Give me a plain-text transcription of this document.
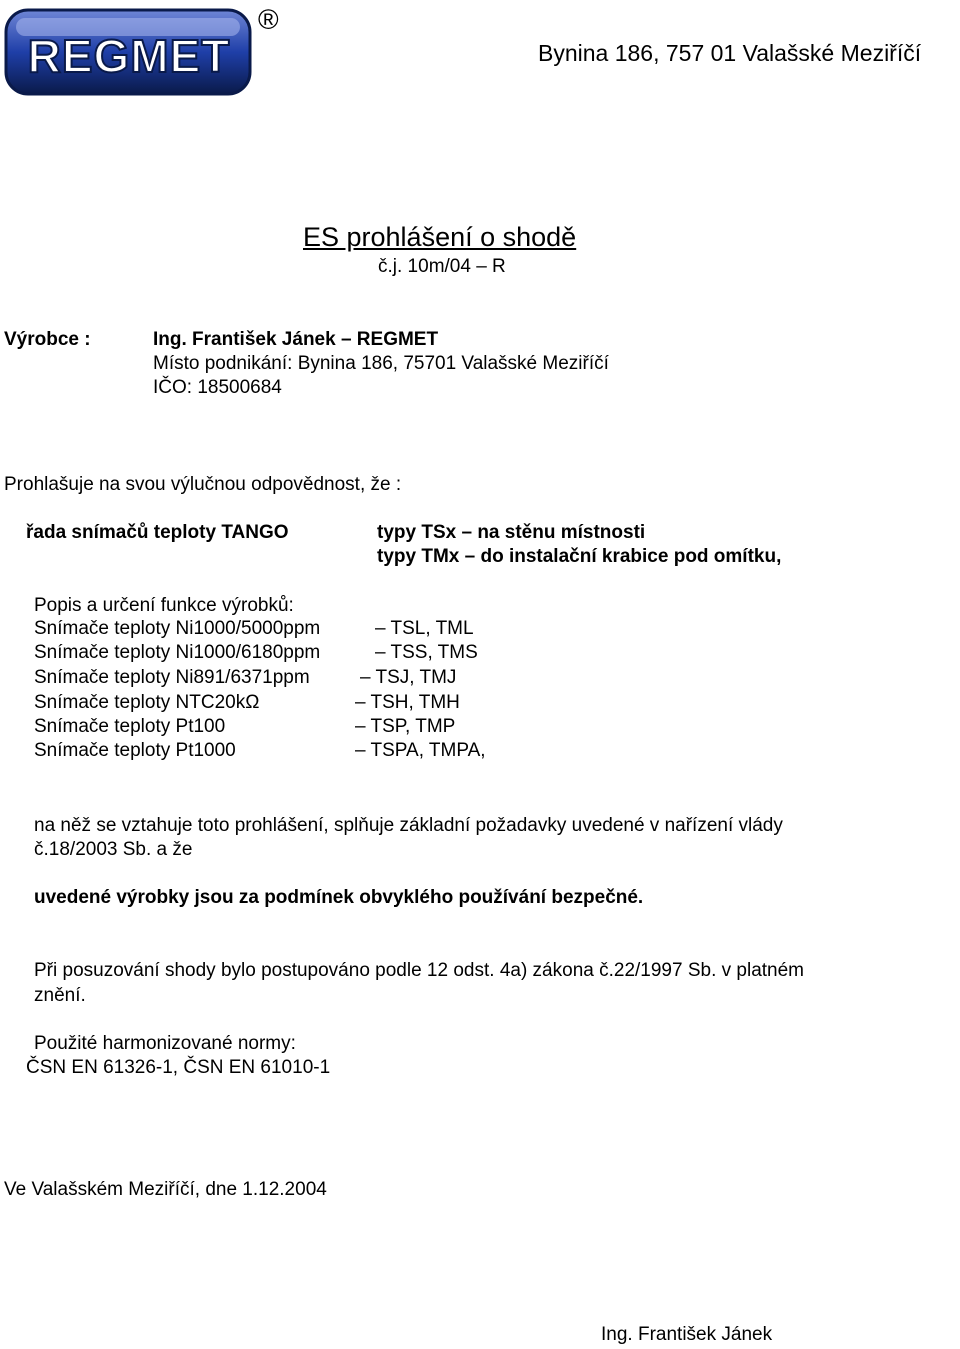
REGMET
®
Bynina 186, 757 01 Valašské Meziříčí
ES prohlášení o shodě
č.j. 10m/04 – R
Výrobce :	Ing. František Jánek – REGMET
Místo podnikání: Bynina 186, 75701 Valašské Meziříčí
IČO: 18500684
Prohlašuje na svou výlučnou odpovědnost, že :
řada snímačů teploty TANGO	typy TSx – na stěnu místnosti
typy TMx – do instalační krabice pod omítku,
Popis a určení funkce výrobků:
Snímače teploty Ni1000/5000ppm	– TSL, TML
Snímače teploty Ni1000/6180ppm	– TSS, TMS
Snímače teploty Ni891/6371ppm	– TSJ, TMJ
Snímače teploty NTC20kΩ	– TSH, TMH
Snímače teploty Pt100	– TSP, TMP
Snímače teploty Pt1000	– TSPA, TMPA,
na něž se vztahuje toto prohlášení, splňuje základní požadavky uvedené v nařízení vlády
č.18/2003 Sb. a že
uvedené výrobky jsou za podmínek obvyklého používání bezpečné.
Při posuzování shody bylo postupováno podle 12 odst. 4a) zákona č.22/1997 Sb. v platném
znění.
Použité harmonizované normy:
ČSN EN 61326-1, ČSN EN 61010-1
Ve Valašském Meziříčí, dne 1.12.2004
Ing. František Jánek
